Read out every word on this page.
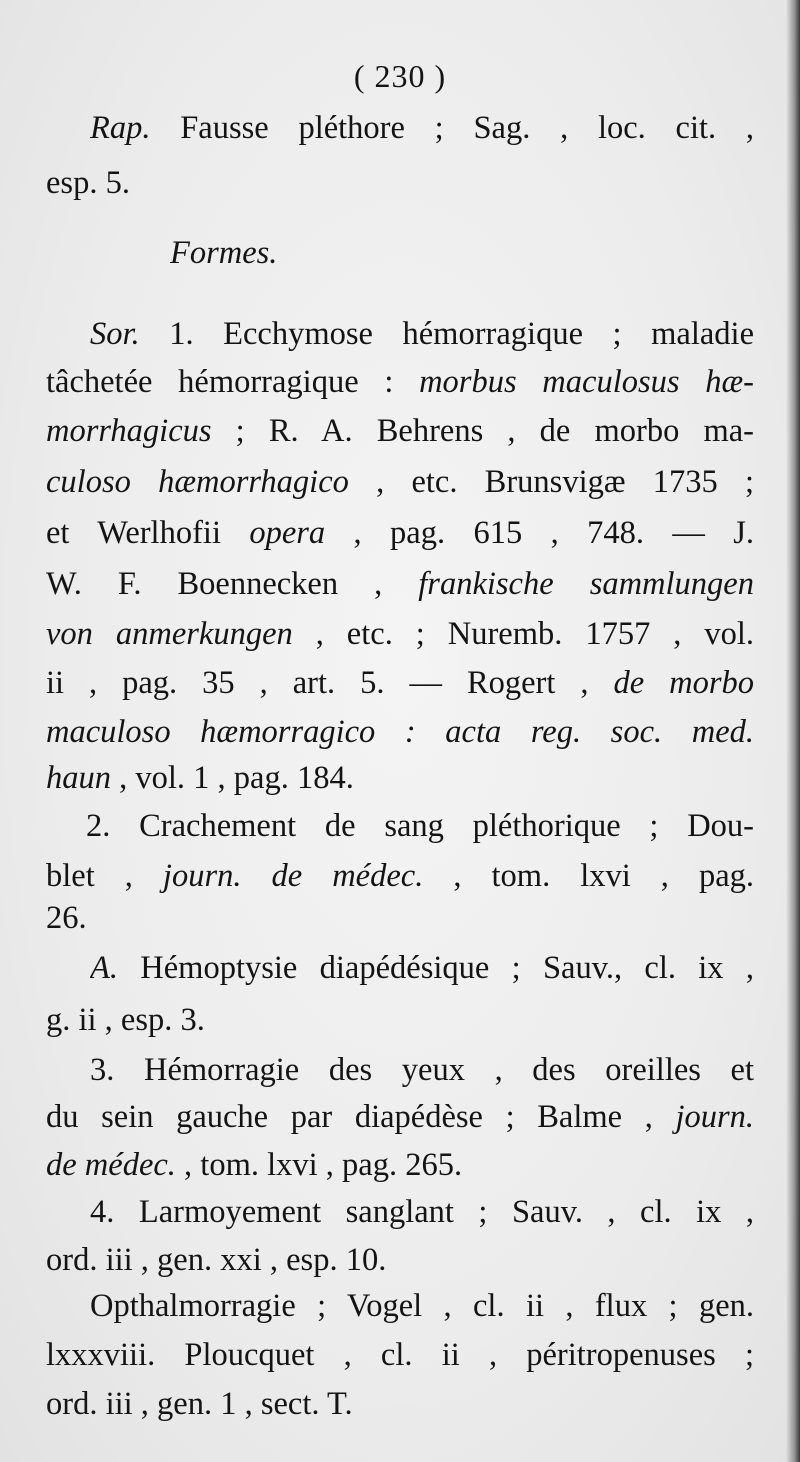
( 230 )
Rap. Fausse pléthore ; Sag. , loc. cit. ,
esp. 5.
Formes.
Sor. 1. Ecchymose hémorragique ; maladie
tâchetée hémorragique : morbus maculosus hæ-
morrhagicus ; R. A. Behrens , de morbo ma-
culoso hæmorrhagico , etc. Brunsvigæ 1735 ;
et Werlhofii opera , pag. 615 , 748. — J.
W. F. Boennecken , frankische sammlungen
von anmerkungen , etc. ; Nuremb. 1757 , vol.
ii , pag. 35 , art. 5. — Rogert , de morbo
maculoso hæmorragico : acta reg. soc. med.
haun , vol. 1 , pag. 184.
2. Crachement de sang pléthorique ; Dou-
blet , journ. de médec. , tom. lxvi , pag.
26.
A. Hémoptysie diapédésique ; Sauv., cl. ix ,
g. ii , esp. 3.
3. Hémorragie des yeux , des oreilles et
du sein gauche par diapédèse ; Balme , journ.
de médec. , tom. lxvi , pag. 265.
4. Larmoyement sanglant ; Sauv. , cl. ix ,
ord. iii , gen. xxi , esp. 10.
Opthalmorragie ; Vogel , cl. ii , flux ; gen.
lxxxviii. Ploucquet , cl. ii , péritropenuses ;
ord. iii , gen. 1 , sect. T.
